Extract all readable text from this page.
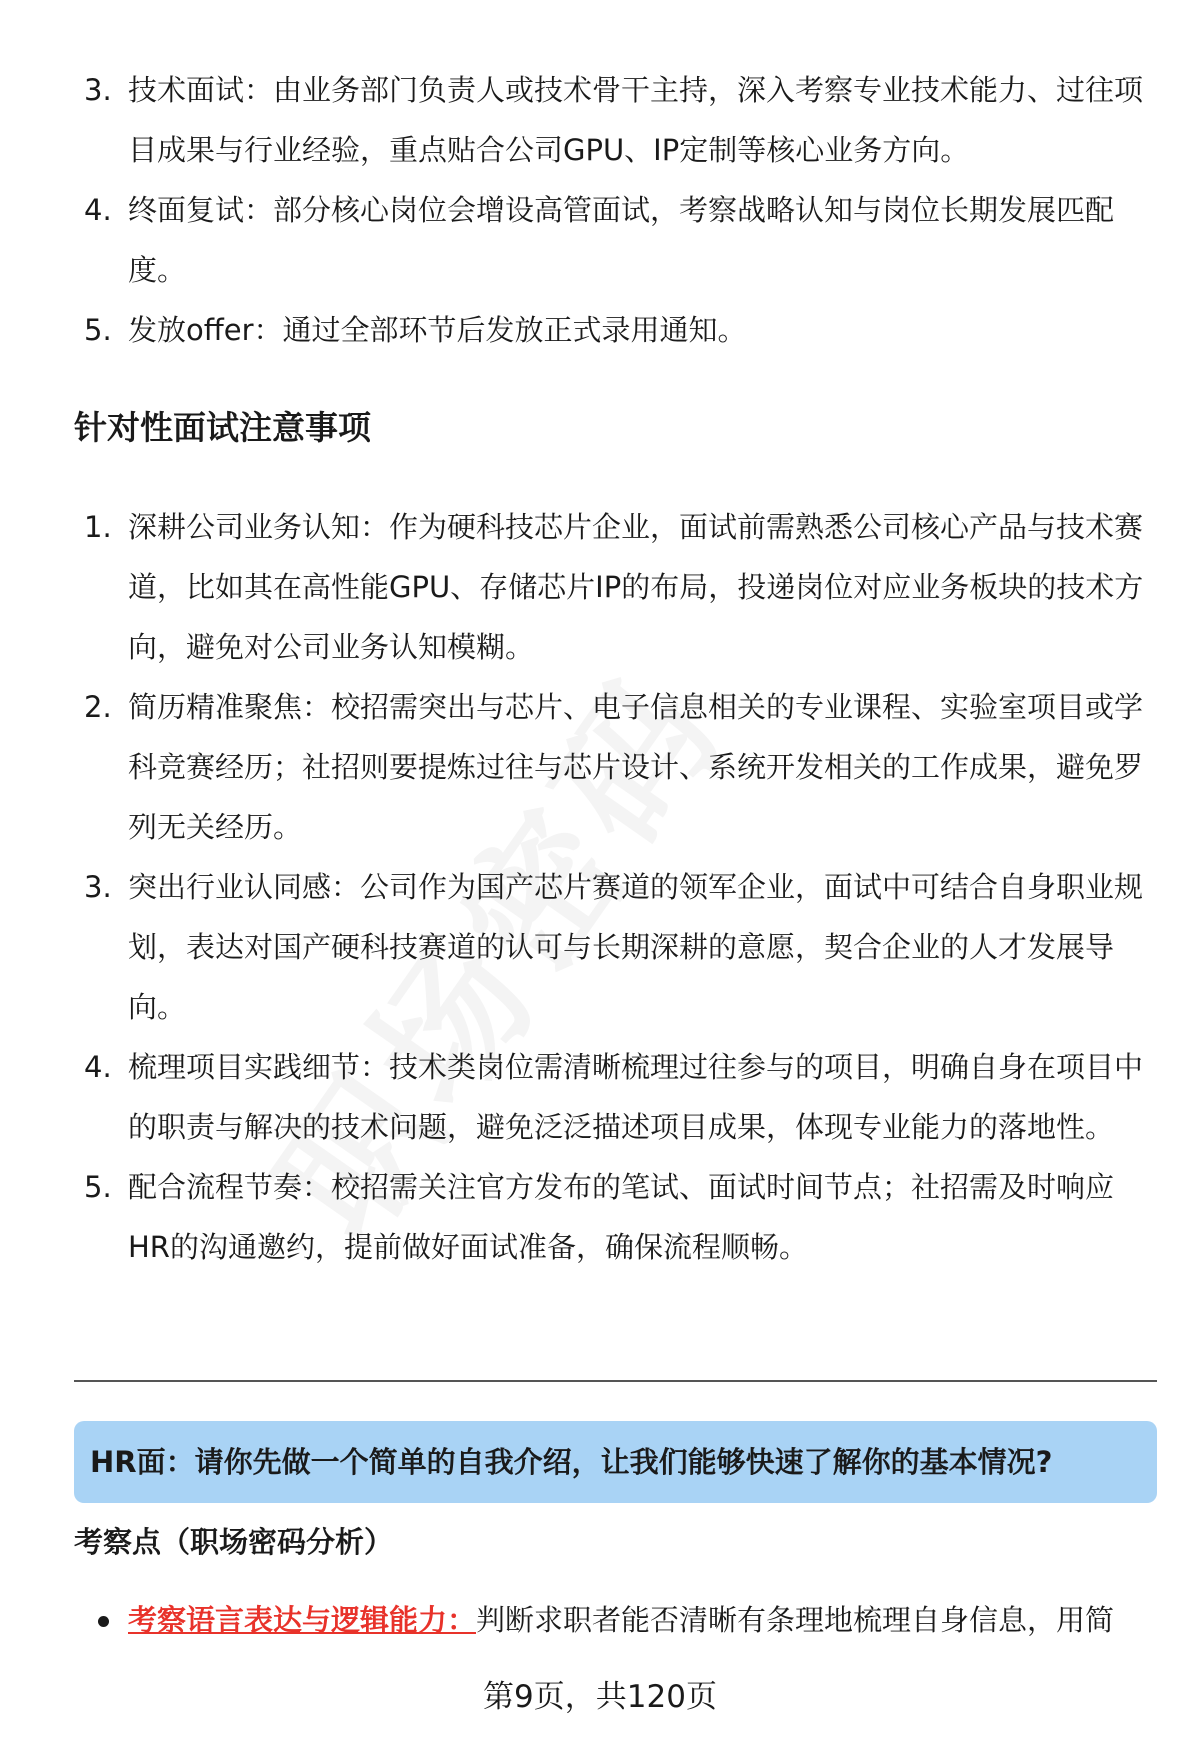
3. 技术面试：由业务部门负责人或技术骨干主持，深入考察专业技术能力、过往项目成果与行业经验，重点贴合公司GPU、IP定制等核心业务方向。
4. 终面复试：部分核心岗位会增设高管面试，考察战略认知与岗位长期发展匹配度。
5. 发放offer：通过全部环节后发放正式录用通知。
针对性面试注意事项
1. 深耕公司业务认知：作为硬科技芯片企业，面试前需熟悉公司核心产品与技术赛道，比如其在高性能GPU、存储芯片IP的布局，投递岗位对应业务板块的技术方向，避免对公司业务认知模糊。
2. 简历精准聚焦：校招需突出与芯片、电子信息相关的专业课程、实验室项目或学科竞赛经历；社招则要提炼过往与芯片设计、系统开发相关的工作成果，避免罗列无关经历。
3. 突出行业认同感：公司作为国产芯片赛道的领军企业，面试中可结合自身职业规划，表达对国产硬科技赛道的认可与长期深耕的意愿，契合企业的人才发展导向。
4. 梳理项目实践细节：技术类岗位需清晰梳理过往参与的项目，明确自身在项目中的职责与解决的技术问题，避免泛泛描述项目成果，体现专业能力的落地性。
5. 配合流程节奏：校招需关注官方发布的笔试、面试时间节点；社招需及时响应HR的沟通邀约，提前做好面试准备，确保流程顺畅。
HR面：请你先做一个简单的自我介绍，让我们能够快速了解你的基本情况?
考察点（职场密码分析）
考察语言表达与逻辑能力：判断求职者能否清晰有条理地梳理自身信息，用简
第9页，共120页
